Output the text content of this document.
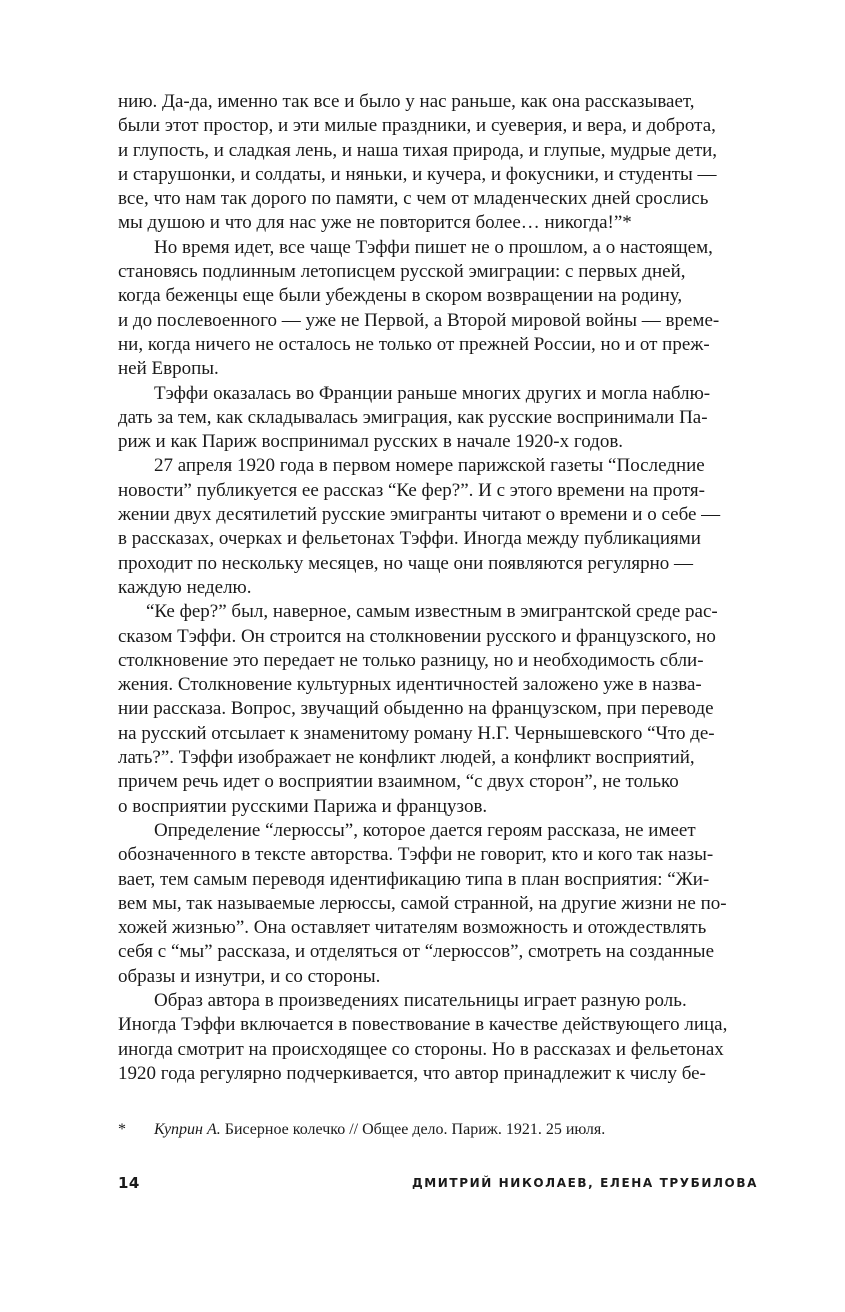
нию. Да-да, именно так все и было у нас раньше, как она рассказывает,
были этот простор, и эти милые праздники, и суеверия, и вера, и доброта,
и глупость, и сладкая лень, и наша тихая природа, и глупые, мудрые дети,
и старушонки, и солдаты, и няньки, и кучера, и фокусники, и студенты —
все, что нам так дорого по памяти, с чем от младенческих дней срослись
мы душою и что для нас уже не повторится более… никогда!”*
Но время идет, все чаще Тэффи пишет не о прошлом, а о настоящем,
становясь подлинным летописцем русской эмиграции: с первых дней,
когда беженцы еще были убеждены в скором возвращении на родину,
и до послевоенного — уже не Первой, а Второй мировой войны — време-
ни, когда ничего не осталось не только от прежней России, но и от преж-
ней Европы.
Тэффи оказалась во Франции раньше многих других и могла наблю-
дать за тем, как складывалась эмиграция, как русские воспринимали Па-
риж и как Париж воспринимал русских в начале 1920-х годов.
27 апреля 1920 года в первом номере парижской газеты “Последние
новости” публикуется ее рассказ “Ке фер?”. И с этого времени на протя-
жении двух десятилетий русские эмигранты читают о времени и о себе —
в рассказах, очерках и фельетонах Тэффи. Иногда между публикациями
проходит по нескольку месяцев, но чаще они появляются регулярно —
каждую неделю.
“Ке фер?” был, наверное, самым известным в эмигрантской среде рас-
сказом Тэффи. Он строится на столкновении русского и французского, но
столкновение это передает не только разницу, но и необходимость сбли-
жения. Столкновение культурных идентичностей заложено уже в назва-
нии рассказа. Вопрос, звучащий обыденно на французском, при переводе
на русский отсылает к знаменитому роману Н.Г. Чернышевского “Что де-
лать?”. Тэффи изображает не конфликт людей, а конфликт восприятий,
причем речь идет о восприятии взаимном, “с двух сторон”, не только
о восприятии русскими Парижа и французов.
Определение “лерюссы”, которое дается героям рассказа, не имеет
обозначенного в тексте авторства. Тэффи не говорит, кто и кого так назы-
вает, тем самым переводя идентификацию типа в план восприятия: “Жи-
вем мы, так называемые лерюссы, самой странной, на другие жизни не по-
хожей жизнью”. Она оставляет читателям возможность и отождествлять
себя с “мы” рассказа, и отделяться от “лерюссов”, смотреть на созданные
образы и изнутри, и со стороны.
Образ автора в произведениях писательницы играет разную роль.
Иногда Тэффи включается в повествование в качестве действующего лица,
иногда смотрит на происходящее со стороны. Но в рассказах и фельетонах
1920 года регулярно подчеркивается, что автор принадлежит к числу бе-
* Куприн А. Бисерное колечко // Общее дело. Париж. 1921. 25 июля.
14	ДМИТРИЙ НИКОЛАЕВ, ЕЛЕНА ТРУБИЛОВА
